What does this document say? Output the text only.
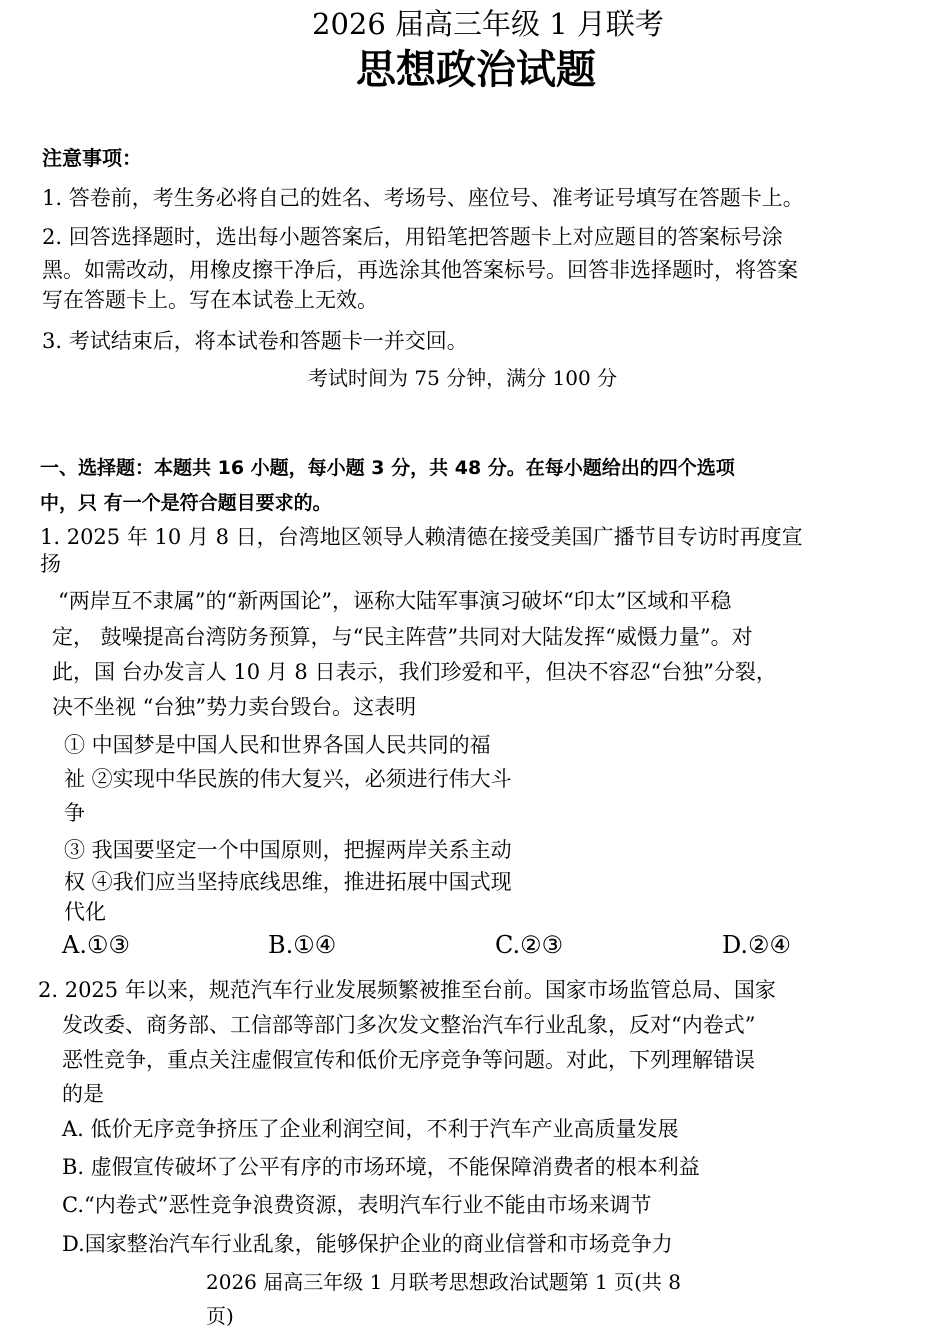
2026 届高三年级 1 月联考
思想政治试题
注意事项：
1. 答卷前，考生务必将自己的姓名、考场号、座位号、准考证号填写在答题卡上。
2. 回答选择题时，选出每小题答案后，用铅笔把答题卡上对应题目的答案标号涂
黑。如需改动，用橡皮擦干净后，再选涂其他答案标号。回答非选择题时，将答案
写在答题卡上。写在本试卷上无效。
3. 考试结束后，将本试卷和答题卡一并交回。
考试时间为 75 分钟，满分 100 分
一、选择题：本题共 16 小题，每小题 3 分，共 48 分。在每小题给出的四个选项
中，只 有一个是符合题目要求的。
1. 2025 年 10 月 8 日，台湾地区领导人赖清德在接受美国广播节目专访时再度宣
扬
“两岸互不隶属”的“新两国论”，诬称大陆军事演习破坏“印太”区域和平稳
定， 鼓噪提高台湾防务预算，与“民主阵营”共同对大陆发挥“威慑力量”。对
此，国 台办发言人 10 月 8 日表示，我们珍爱和平，但决不容忍“台独”分裂，
决不坐视 “台独”势力卖台毁台。这表明
① 中国梦是中国人民和世界各国人民共同的福
祉 ②实现中华民族的伟大复兴，必须进行伟大斗
争
③ 我国要坚定一个中国原则，把握两岸关系主动
权 ④我们应当坚持底线思维，推进拓展中国式现
代化
A.①③	B.①④	C.②③	D.②④
2. 2025 年以来，规范汽车行业发展频繁被推至台前。国家市场监管总局、国家
发改委、商务部、工信部等部门多次发文整治汽车行业乱象，反对“内卷式”
恶性竞争，重点关注虚假宣传和低价无序竞争等问题。对此，下列理解错误
的是
A. 低价无序竞争挤压了企业利润空间，不利于汽车产业高质量发展
B. 虚假宣传破坏了公平有序的市场环境，不能保障消费者的根本利益
C.“内卷式”恶性竞争浪费资源，表明汽车行业不能由市场来调节
D.国家整治汽车行业乱象，能够保护企业的商业信誉和市场竞争力
2026 届高三年级 1 月联考思想政治试题第 1 页(共 8
页)
